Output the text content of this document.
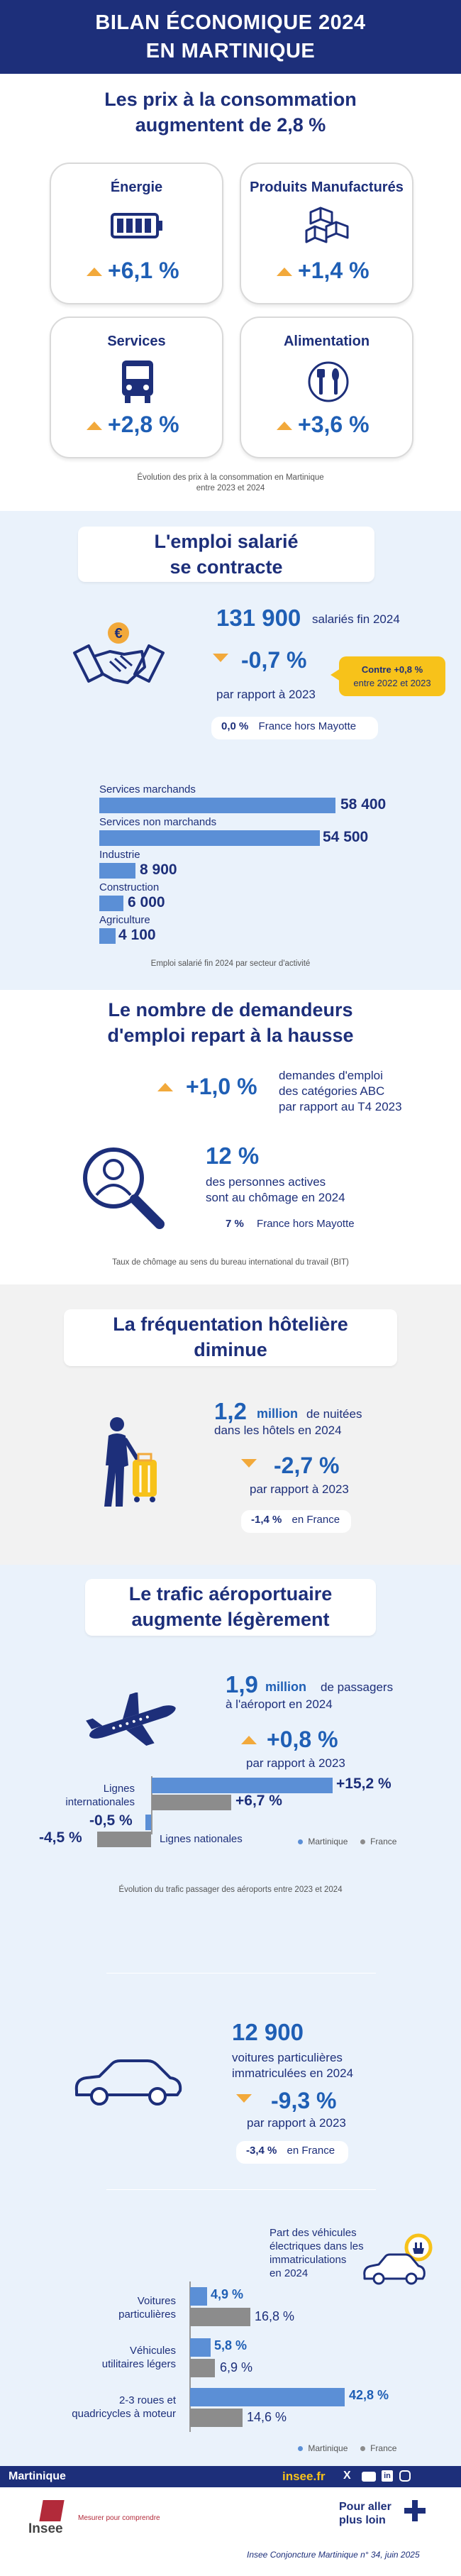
BILAN ÉCONOMIQUE 2024
EN MARTINIQUE
Les prix à la consommation
augmentent de 2,8 %
Énergie
+6,1 %
Produits Manufacturés
+1,4 %
Services
+2,8 %
Alimentation
+3,6 %
Évolution des prix à la consommation en Martinique
entre 2023 et 2024
L'emploi salarié
se contracte
€
131 900 salariés fin 2024
-0,7 %
par rapport à 2023
Contre +0,8 %
entre 2022 et 2023
0,0 % France hors Mayotte
Services marchands
58 400
Services non marchands
54 500
Industrie
8 900
Construction
6 000
Agriculture
4 100
Emploi salarié fin 2024 par secteur d'activité
Le nombre de demandeurs
d'emploi repart à la hausse
+1,0 % demandes d'emploi
des catégories ABC
par rapport au T4 2023
12 %
des personnes actives
sont au chômage en 2024
7 % France hors Mayotte
Taux de chômage au sens du bureau international du travail (BIT)
La fréquentation hôtelière
diminue
1,2 million de nuitées
dans les hôtels en 2024
-2,7 %
par rapport à 2023
-1,4 % en France
Le trafic aéroportuaire
augmente légèrement
1,9 million de passagers
à l'aéroport en 2024
+0,8 %
par rapport à 2023
Lignes
internationales
+15,2 %
+6,7 %
-0,5 %
-4,5 %	Lignes nationales	Martinique	France
Évolution du trafic passager des aéroports entre 2023 et 2024
12 900
voitures particulières
immatriculées en 2024
-9,3 %
par rapport à 2023
-3,4 % en France
Part des véhicules
électriques dans les
immatriculations
en 2024
Voitures
particulières
4,9 %
16,8 %
Véhicules
utilitaires légers
5,8 %
6,9 %
2-3 roues et
quadricycles à moteur
42,8 %
14,6 %
Martinique	France
Martinique	insee.fr X	in
Insee
Mesurer pour comprendre
Pour aller
plus loin
Insee Conjoncture Martinique n° 34, juin 2025
